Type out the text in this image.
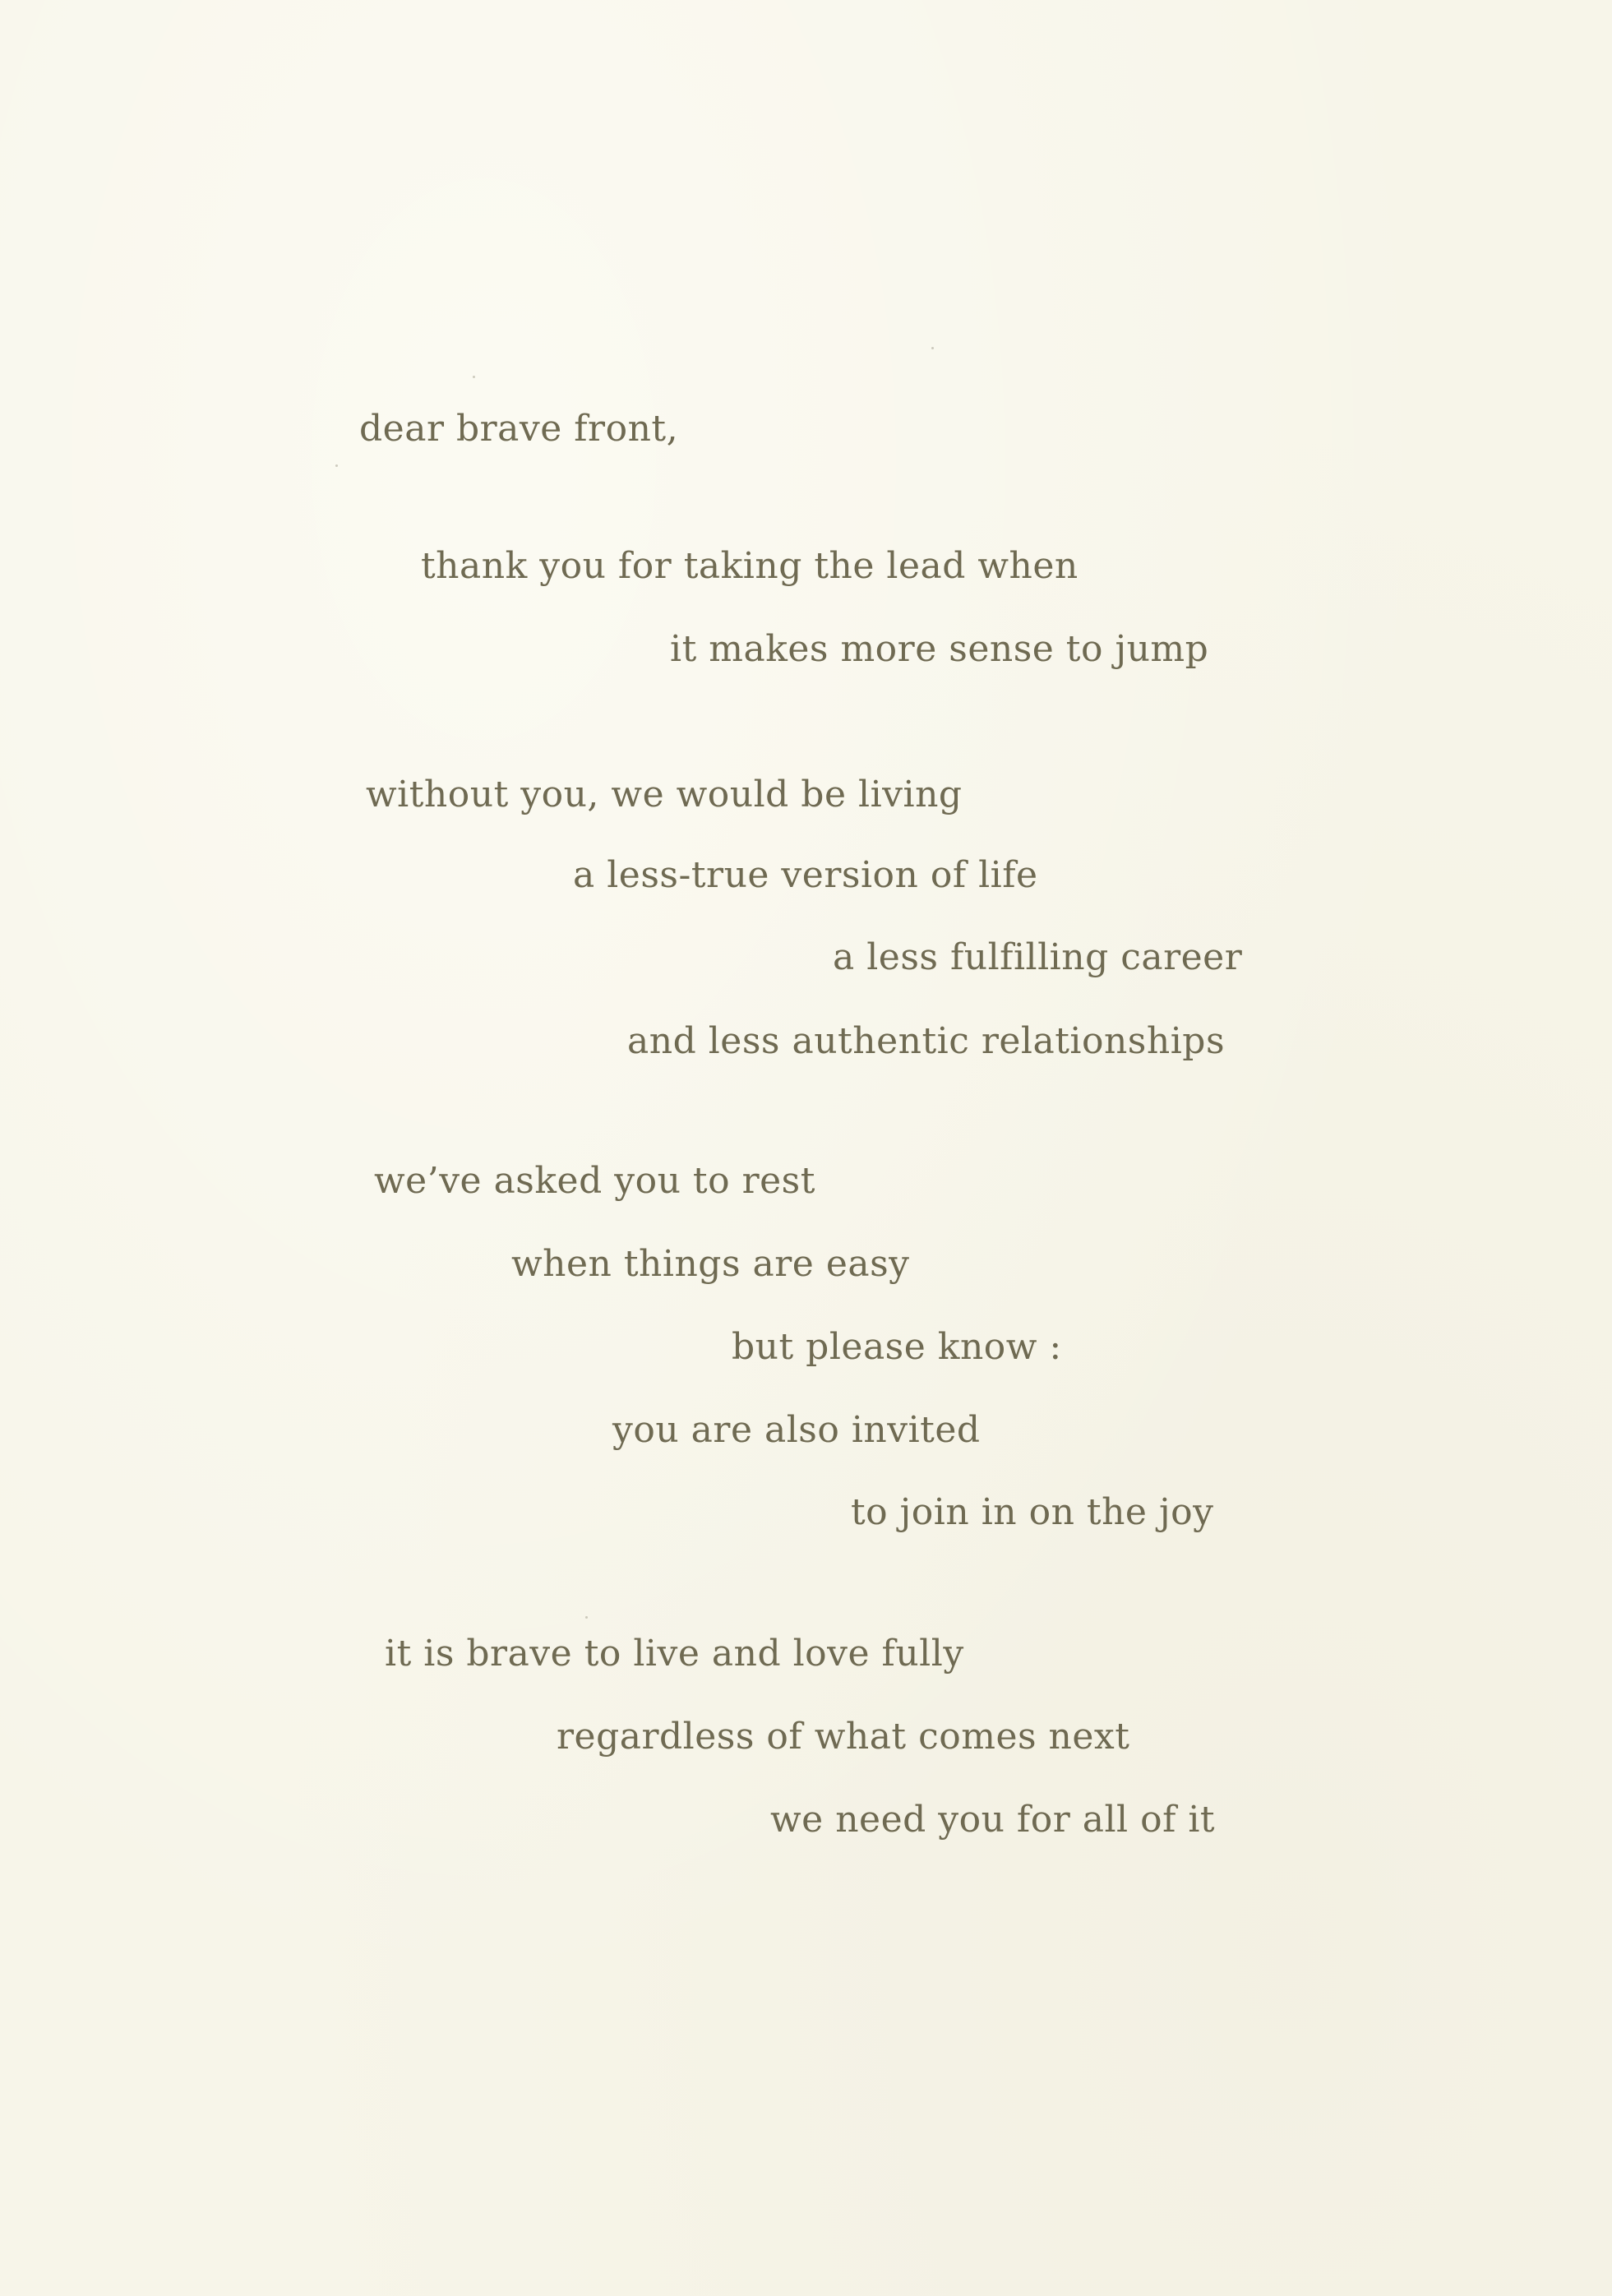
dear brave front,

thank you for taking the lead when

it makes more sense to jump

without you, we would be living

a less-true version of life

a less fulfilling career

and less authentic relationships

we’ve asked you to rest

when things are easy

but please know :

you are also invited

to join in on the joy

it is brave to live and love fully

regardless of what comes next

we need you for all of it
